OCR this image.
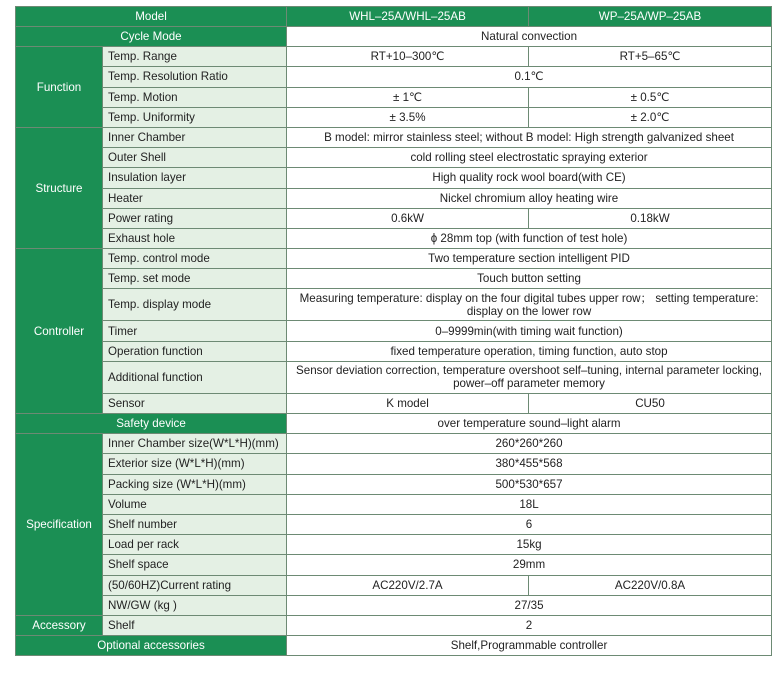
Model		WHL–25A/WHL–25AB	WP–25A/WP–25AB
Cycle Mode		Natural convection	
Function	Temp. Range	RT+10–300℃	RT+5–65℃
	Temp. Resolution Ratio	0.1℃	
	Temp. Motion	± 1℃	± 0.5℃
	Temp. Uniformity	± 3.5%	± 2.0℃
Structure	Inner Chamber	B model: mirror stainless steel; without B model: High strength galvanized sheet	
	Outer Shell	cold rolling steel electrostatic spraying exterior	
	Insulation layer	High quality rock wool board(with CE)	
	Heater	Nickel chromium alloy heating wire	
	Power rating	0.6kW	0.18kW
	Exhaust hole	ϕ 28mm top (with function of test hole)	
Controller	Temp. control mode	Two temperature section intelligent PID	
	Temp. set mode	Touch button setting	
	Temp. display mode	Measuring temperature: display on the four digital tubes upper row； setting temperature: display on the lower row	
	Timer	0–9999min(with timing wait function)	
	Operation function	fixed temperature operation, timing function, auto stop	
	Additional function	Sensor deviation correction, temperature overshoot self–tuning, internal parameter locking, power–off parameter memory	
	Sensor	K model	CU50
Safety device		over temperature sound–light alarm	
Specification	Inner Chamber size(W*L*H)(mm)	260*260*260	
	Exterior size (W*L*H)(mm)	380*455*568	
	Packing size (W*L*H)(mm)	500*530*657	
	Volume	18L	
	Shelf number	6	
	Load per rack	15kg	
	Shelf space	29mm	
	(50/60HZ)Current rating	AC220V/2.7A	AC220V/0.8A
	NW/GW (kg )	27/35	
Accessory	Shelf	2	
Optional accessories		Shelf,Programmable controller	
